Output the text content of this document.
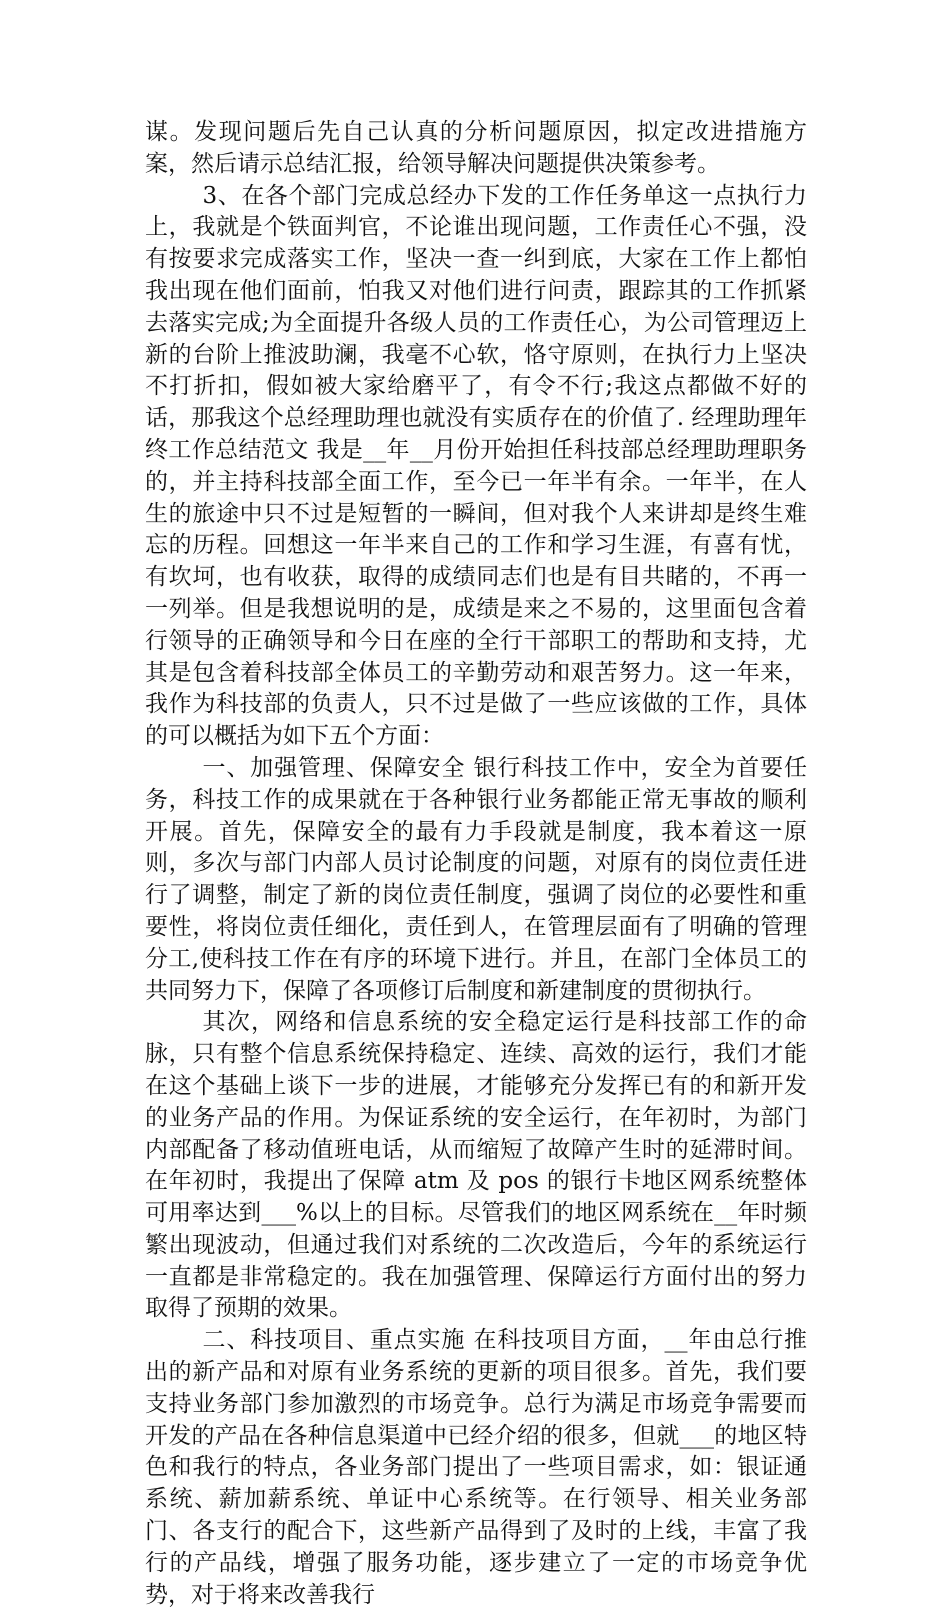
谋。发现问题后先自己认真的分析问题原因，拟定改进措施方案，然后请示总结汇报，给领导解决问题提供决策参考。

3、在各个部门完成总经办下发的工作任务单这一点执行力上，我就是个铁面判官，不论谁出现问题，工作责任心不强，没有按要求完成落实工作，坚决一查一纠到底，大家在工作上都怕我出现在他们面前，怕我又对他们进行问责，跟踪其的工作抓紧去落实完成;为全面提升各级人员的工作责任心，为公司管理迈上新的台阶上推波助澜，我毫不心软，恪守原则，在执行力上坚决不打折扣，假如被大家给磨平了，有令不行;我这点都做不好的话，那我这个总经理助理也就没有实质存在的价值了. 经理助理年终工作总结范文 我是__年__月份开始担任科技部总经理助理职务的，并主持科技部全面工作，至今已一年半有余。一年半，在人生的旅途中只不过是短暂的一瞬间，但对我个人来讲却是终生难忘的历程。回想这一年半来自己的工作和学习生涯，有喜有忧，有坎坷，也有收获，取得的成绩同志们也是有目共睹的，不再一一列举。但是我想说明的是，成绩是来之不易的，这里面包含着行领导的正确领导和今日在座的全行干部职工的帮助和支持，尤其是包含着科技部全体员工的辛勤劳动和艰苦努力。这一年来，我作为科技部的负责人，只不过是做了一些应该做的工作，具体的可以概括为如下五个方面：

一、加强管理、保障安全 银行科技工作中，安全为首要任务，科技工作的成果就在于各种银行业务都能正常无事故的顺利开展。首先，保障安全的最有力手段就是制度，我本着这一原则，多次与部门内部人员讨论制度的问题，对原有的岗位责任进行了调整，制定了新的岗位责任制度，强调了岗位的必要性和重要性，将岗位责任细化，责任到人，在管理层面有了明确的管理分工,使科技工作在有序的环境下进行。并且，在部门全体员工的共同努力下，保障了各项修订后制度和新建制度的贯彻执行。

其次，网络和信息系统的安全稳定运行是科技部工作的命脉，只有整个信息系统保持稳定、连续、高效的运行，我们才能在这个基础上谈下一步的进展，才能够充分发挥已有的和新开发的业务产品的作用。为保证系统的安全运行，在年初时，为部门内部配备了移动值班电话，从而缩短了故障产生时的延滞时间。在年初时，我提出了保障 atm 及 pos 的银行卡地区网系统整体可用率达到___%以上的目标。尽管我们的地区网系统在__年时频繁出现波动，但通过我们对系统的二次改造后，今年的系统运行一直都是非常稳定的。我在加强管理、保障运行方面付出的努力取得了预期的效果。

二、科技项目、重点实施 在科技项目方面，__年由总行推出的新产品和对原有业务系统的更新的项目很多。首先，我们要支持业务部门参加激烈的市场竞争。总行为满足市场竞争需要而开发的产品在各种信息渠道中已经介绍的很多，但就___的地区特色和我行的特点，各业务部门提出了一些项目需求，如：银证通系统、薪加薪系统、单证中心系统等。在行领导、相关业务部门、各支行的配合下，这些新产品得到了及时的上线，丰富了我行的产品线，增强了服务功能，逐步建立了一定的市场竞争优势，对于将来改善我行
